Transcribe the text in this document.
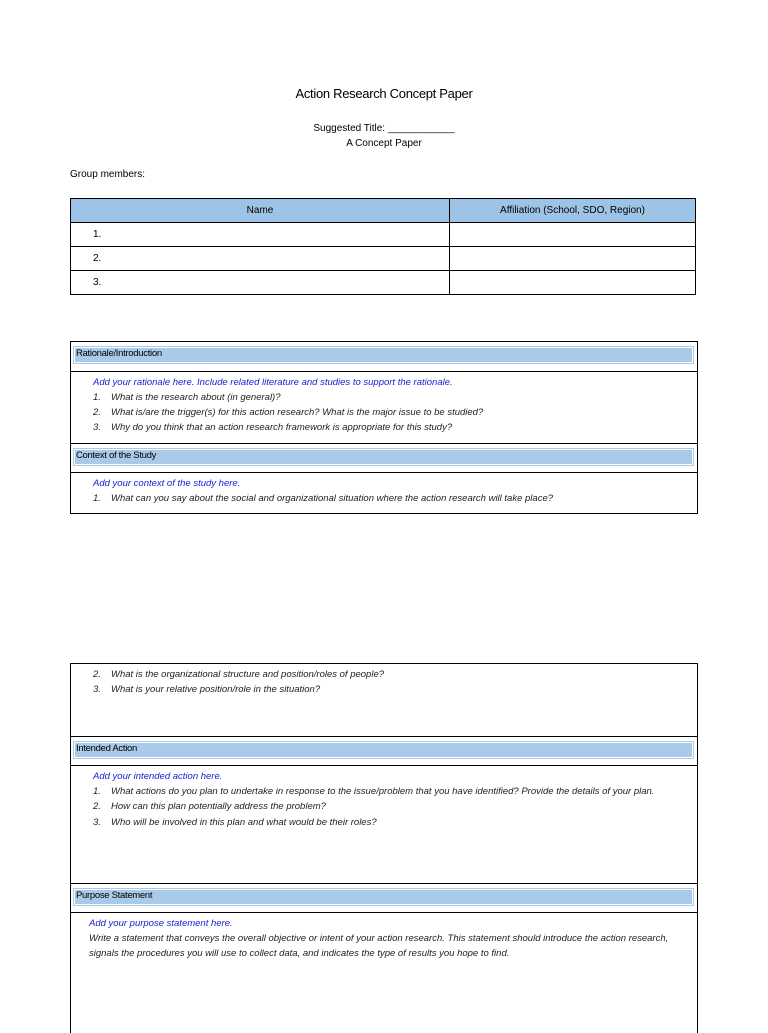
Action Research Concept Paper
Suggested Title: ____________
A Concept Paper
Group members:
Name	Affiliation (School, SDO, Region)
1.	
2.	
3.	
Rationale/Introduction
Add your rationale here. Include related literature and studies to support the rationale.
1. What is the research about (in general)?
2. What is/are the trigger(s) for this action research? What is the major issue to be studied?
3. Why do you think that an action research framework is appropriate for this study?
Context of the Study
Add your context of the study here.
1. What can you say about the social and organizational situation where the action research will take place?
2. What is the organizational structure and position/roles of people?
3. What is your relative position/role in the situation?
Intended Action
Add your intended action here.
1. What actions do you plan to undertake in response to the issue/problem that you have identified? Provide the details of your plan.
2. How can this plan potentially address the problem?
3. Who will be involved in this plan and what would be their roles?
Purpose Statement
Add your purpose statement here.
Write a statement that conveys the overall objective or intent of your action research. This statement should introduce the action research,
signals the procedures you will use to collect data, and indicates the type of results you hope to find.
